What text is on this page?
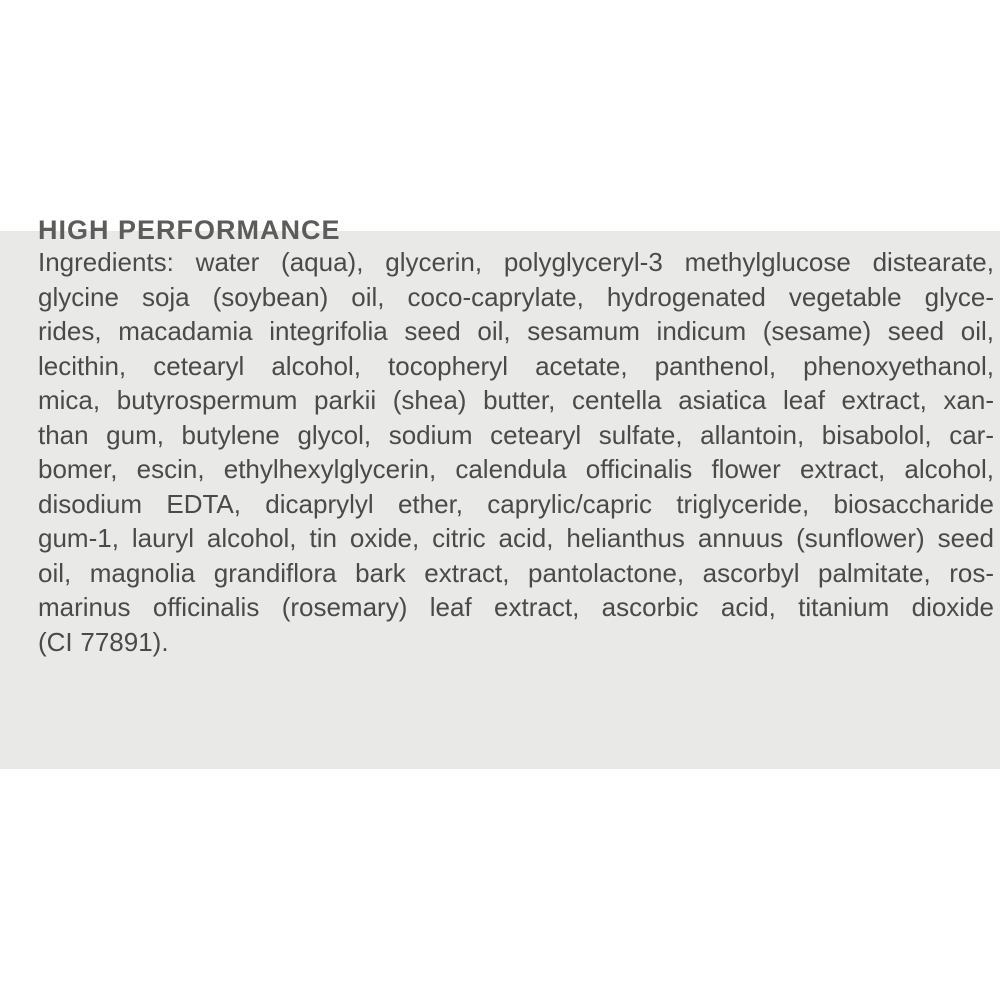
HIGH PERFORMANCE

Ingredients: water (aqua), glycerin, polyglyceryl-3 methylglucose distearate,
glycine soja (soybean) oil, coco-caprylate, hydrogenated vegetable glyce-
rides, macadamia integrifolia seed oil, sesamum indicum (sesame) seed oil,
lecithin, cetearyl alcohol, tocopheryl acetate, panthenol, phenoxyethanol,
mica, butyrospermum parkii (shea) butter, centella asiatica leaf extract, xan-
than gum, butylene glycol, sodium cetearyl sulfate, allantoin, bisabolol, car-
bomer, escin, ethylhexylglycerin, calendula officinalis flower extract, alcohol,
disodium EDTA, dicaprylyl ether, caprylic/capric triglyceride, biosaccharide
gum-1, lauryl alcohol, tin oxide, citric acid, helianthus annuus (sunflower) seed
oil, magnolia grandiflora bark extract, pantolactone, ascorbyl palmitate, ros-
marinus officinalis (rosemary) leaf extract, ascorbic acid, titanium dioxide
(CI 77891).
